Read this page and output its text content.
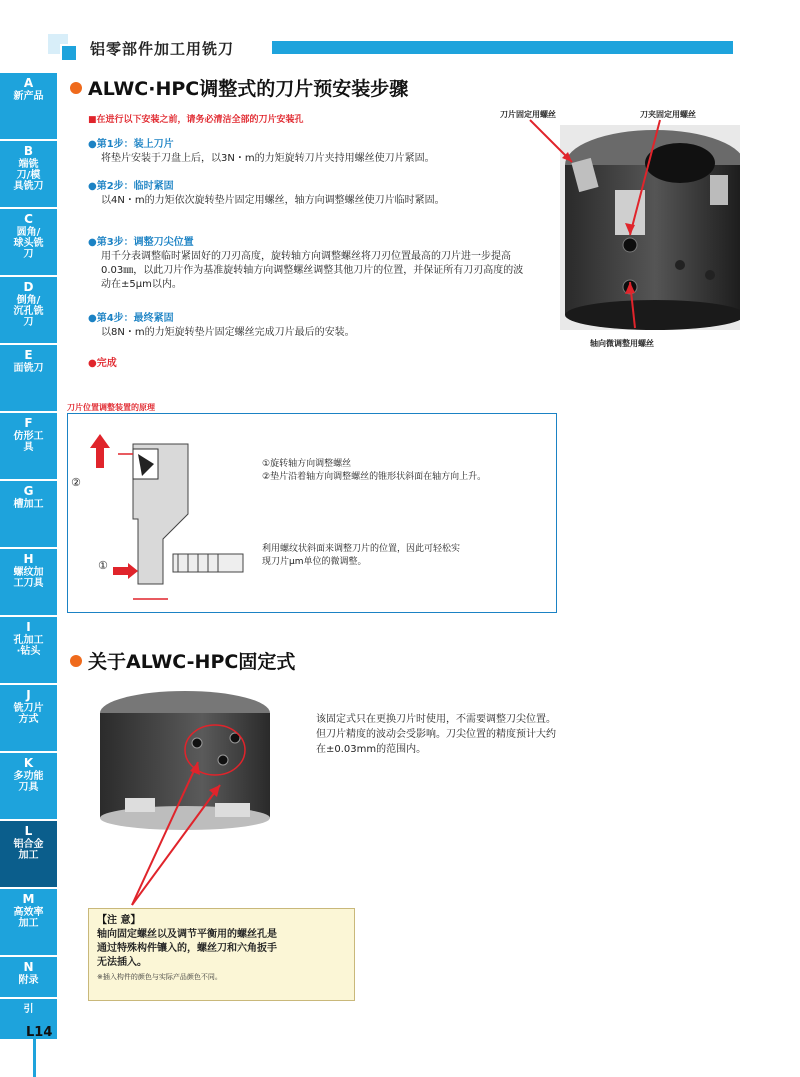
铝零部件加工用铣刀
A
新产品
B
端铣刀/模具铣刀
C
圆角/球头铣刀
D
倒角/沉孔铣刀
E
面铣刀
F
仿形工具
G
槽加工
H
螺纹加工刀具
I
孔加工·钻头
J
铣刀片方式
K
多功能刀具
L
铝合金加工
M
高效率加工
N
附录
引
L14
ALWC·HPC调整式的刀片预安装步骤
■在进行以下安装之前，请务必清洁全部的刀片安装孔
●第1步：装上刀片
将垫片安装于刀盘上后，以3N・m的力矩旋转刀片夹持用螺丝使刀片紧固。
●第2步：临时紧固
以4N・m的力矩依次旋转垫片固定用螺丝，轴方向调整螺丝使刀片临时紧固。
●第3步：调整刀尖位置
用千分表调整临时紧固好的刀刃高度，旋转轴方向调整螺丝将刀刃位置最高的刀片进一步提高0.03㎜，以此刀片作为基准旋转轴方向调整螺丝调整其他刀片的位置，并保证所有刀刃高度的波动在±5μm以内。
●第4步：最终紧固
以8N・m的力矩旋转垫片固定螺丝完成刀片最后的安装。
●完成
刀片固定用螺丝	刀夹固定用螺丝
轴向微调整用螺丝
刀片位置调整装置的原理
②
①
①旋转轴方向调整螺丝
②垫片沿着轴方向调整螺丝的锥形状斜面在轴方向上升。
利用螺纹状斜面来调整刀片的位置，因此可轻松实
现刀片μm单位的微调整。
关于ALWC-HPC固定式
该固定式只在更换刀片时使用，不需要调整刀尖位置。
但刀片精度的波动会受影响。刀尖位置的精度预计大约
在±0.03mm的范围内。
【注 意】
轴向固定螺丝以及调节平衡用的螺丝孔是
通过特殊构件镶入的，螺丝刀和六角扳手
无法插入。
※插入构件的颜色与实际产品颜色不同。
